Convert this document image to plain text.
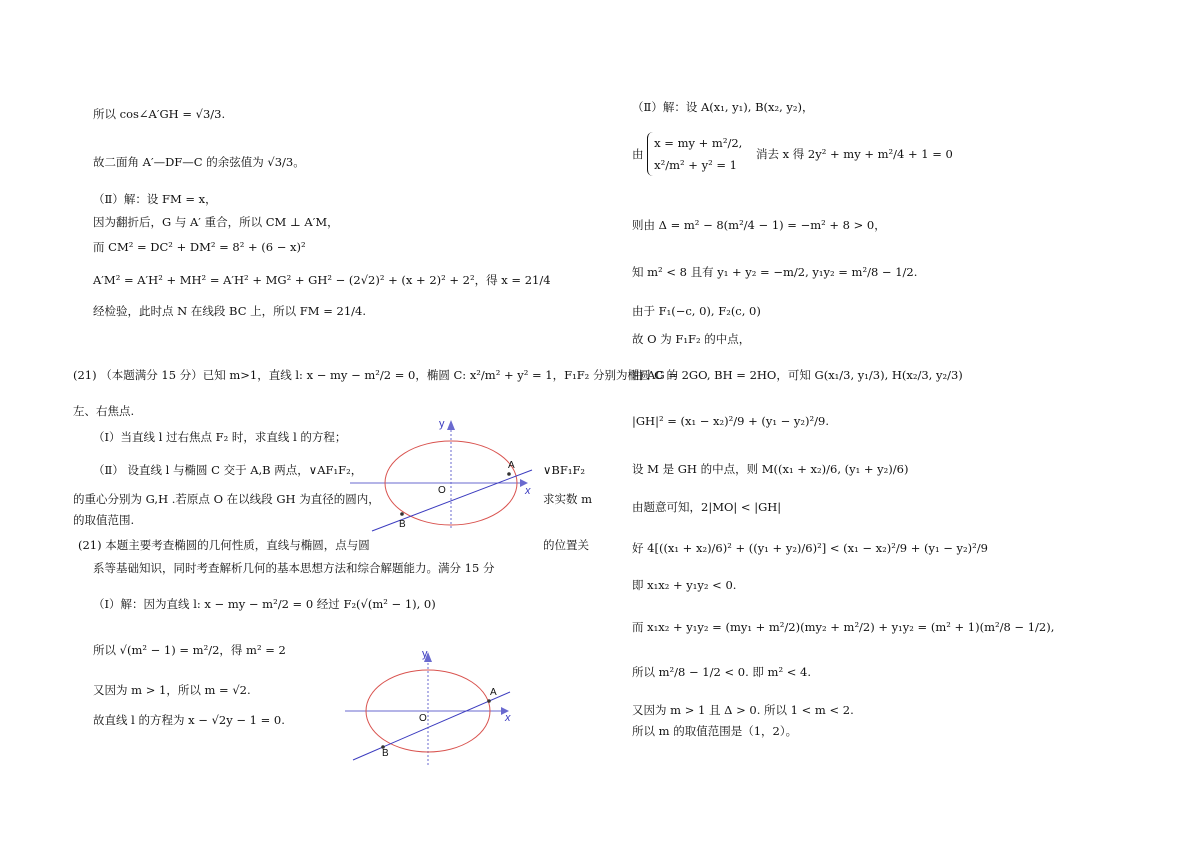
所以 cos∠A′GH = √3/3.
故二面角 A′—DF—C 的余弦值为 √3/3。
（Ⅱ）解：设 FM = x，
因为翻折后，G 与 A′ 重合，所以 CM ⊥ A′M，
而 CM² = DC² + DM² = 8² + (6 − x)²
A′M² = A′H² + MH² = A′H² + MG² + GH² − (2√2)² + (x + 2)² + 2²，得 x = 21/4
经检验，此时点 N 在线段 BC 上，所以 FM = 21/4.
(21) （本题满分 15 分）已知 m>1，直线 l: x − my − m²/2 = 0，椭圆 C: x²/m² + y² = 1，F₁F₂ 分别为椭圆 C 的
左、右焦点.
（Ⅰ）当直线 l 过右焦点 F₂ 时，求直线 l 的方程；
（Ⅱ） 设直线 l 与椭圆 C 交于 A,B 两点，∨AF₁F₂，	∨BF₁F₂
的重心分别为 G,H .若原点 O 在以线段 GH 为直径的圆内，	求实数 m
的取值范围.
(21) 本题主要考查椭圆的几何性质，直线与椭圆，点与圆	的位置关
系等基础知识，同时考查解析几何的基本思想方法和综合解题能力。满分 15 分
（Ⅰ）解：因为直线 l: x − my − m²/2 = 0 经过 F₂(√(m² − 1), 0)
所以 √(m² − 1) = m²/2，得 m² = 2
又因为 m > 1，所以 m = √2.
故直线 l 的方程为 x − √2y − 1 = 0.
y
x
O
A
B
y
x
O
A
B
（Ⅱ）解：设 A(x₁, y₁), B(x₂, y₂)，
由
x = my + m²/2,
x²/m² + y² = 1
消去 x 得 2y² + my + m²/4 + 1 = 0
则由 Δ = m² − 8(m²/4 − 1) = −m² + 8 > 0，
知 m² < 8 且有 y₁ + y₂ = −m/2, y₁y₂ = m²/8 − 1/2.
由于 F₁(−c, 0), F₂(c, 0)
故 O 为 F₁F₂ 的中点，
由 AG = 2GO, BH = 2HO，可知 G(x₁/3, y₁/3), H(x₂/3, y₂/3)
|GH|² = (x₁ − x₂)²/9 + (y₁ − y₂)²/9.
设 M 是 GH 的中点，则 M((x₁ + x₂)/6, (y₁ + y₂)/6)
由题意可知，2|MO| < |GH|
好 4[((x₁ + x₂)/6)² + ((y₁ + y₂)/6)²] < (x₁ − x₂)²/9 + (y₁ − y₂)²/9
即 x₁x₂ + y₁y₂ < 0.
而 x₁x₂ + y₁y₂ = (my₁ + m²/2)(my₂ + m²/2) + y₁y₂ = (m² + 1)(m²/8 − 1/2),
所以 m²/8 − 1/2 < 0. 即 m² < 4.
又因为 m > 1 且 Δ > 0. 所以 1 < m < 2.
所以 m 的取值范围是（1，2）。
